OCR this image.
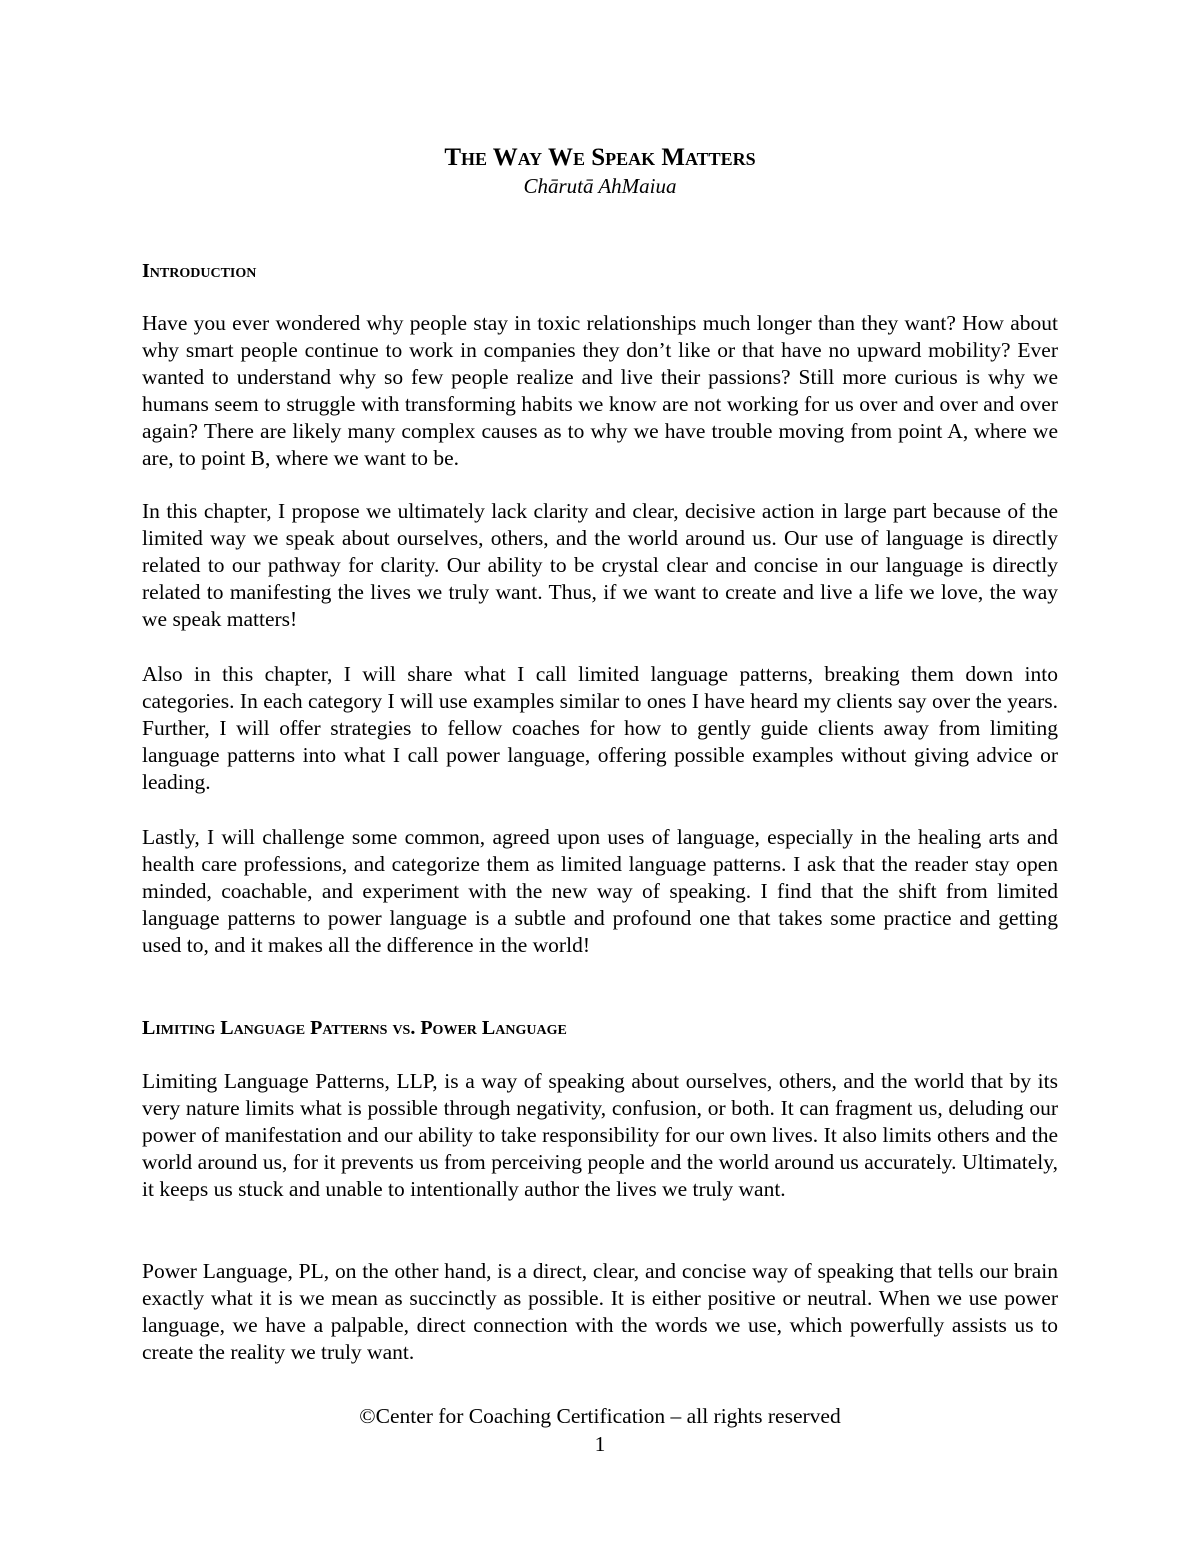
The Way We Speak Matters
Chārutā AhMaiua
Introduction

Have you ever wondered why people stay in toxic relationships much longer than they want? How about why smart people continue to work in companies they don’t like or that have no upward mobility? Ever wanted to understand why so few people realize and live their passions? Still more curious is why we humans seem to struggle with transforming habits we know are not working for us over and over and over again? There are likely many complex causes as to why we have trouble moving from point A, where we are, to point B, where we want to be.

In this chapter, I propose we ultimately lack clarity and clear, decisive action in large part because of the limited way we speak about ourselves, others, and the world around us. Our use of language is directly related to our pathway for clarity. Our ability to be crystal clear and concise in our language is directly related to manifesting the lives we truly want. Thus, if we want to create and live a life we love, the way we speak matters!

Also in this chapter, I will share what I call limited language patterns, breaking them down into categories. In each category I will use examples similar to ones I have heard my clients say over the years. Further, I will offer strategies to fellow coaches for how to gently guide clients away from limiting language patterns into what I call power language, offering possible examples without giving advice or leading.

Lastly, I will challenge some common, agreed upon uses of language, especially in the healing arts and health care professions, and categorize them as limited language patterns. I ask that the reader stay open minded, coachable, and experiment with the new way of speaking. I find that the shift from limited language patterns to power language is a subtle and profound one that takes some practice and getting used to, and it makes all the difference in the world!

Limiting Language Patterns vs. Power Language

Limiting Language Patterns, LLP, is a way of speaking about ourselves, others, and the world that by its very nature limits what is possible through negativity, confusion, or both. It can fragment us, deluding our power of manifestation and our ability to take responsibility for our own lives. It also limits others and the world around us, for it prevents us from perceiving people and the world around us accurately. Ultimately, it keeps us stuck and unable to intentionally author the lives we truly want.

Power Language, PL, on the other hand, is a direct, clear, and concise way of speaking that tells our brain exactly what it is we mean as succinctly as possible. It is either positive or neutral. When we use power language, we have a palpable, direct connection with the words we use, which powerfully assists us to create the reality we truly want.

©Center for Coaching Certification – all rights reserved
1
